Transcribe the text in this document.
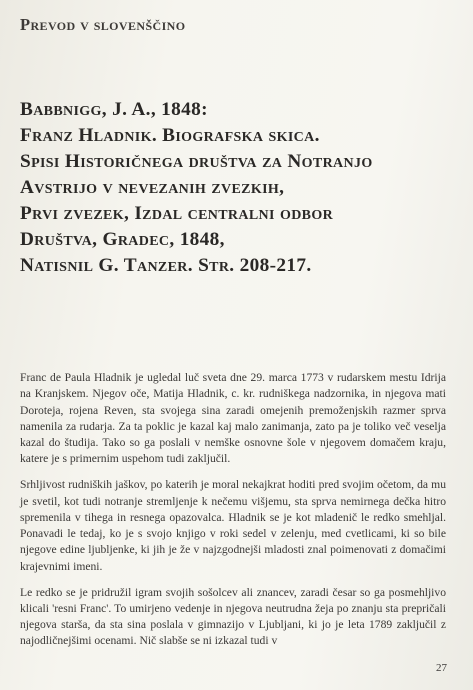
Prevod v slovenščino
Babbnigg, J. A., 1848:
Franz Hladnik. Biografska skica.
Spisi Historičnega društva za Notranjo
Avstrijo v nevezanih zvezkih,
Prvi zvezek, Izdal centralni odbor
Društva, Gradec, 1848,
Natisnil G. Tanzer. Str. 208-217.

Franc de Paula Hladnik je ugledal luč sveta dne 29. marca 1773 v rudarskem mestu Idrija na Kranjskem. Njegov oče, Matija Hladnik, c. kr. rudniškega nadzornika, in njegova mati Doroteja, rojena Reven, sta svojega sina zaradi omejenih premoženjskih razmer sprva namenila za rudarja. Za ta poklic je kazal kaj malo zanimanja, zato pa je toliko več veselja kazal do študija. Tako so ga poslali v nemške osnovne šole v njegovem domačem kraju, katere je s primernim uspehom tudi zaključil.

Srhljivost rudniških jaškov, po katerih je moral nekajkrat hoditi pred svojim očetom, da mu je svetil, kot tudi notranje stremljenje k nečemu višjemu, sta sprva nemirnega dečka hitro spremenila v tihega in resnega opazovalca. Hladnik se je kot mladenič le redko smehljal. Ponavadi le tedaj, ko je s svojo knjigo v roki sedel v zelenju, med cvetlicami, ki so bile njegove edine ljubljenke, ki jih je že v najzgodnejši mladosti znal poimenovati z domačimi krajevnimi imeni.

Le redko se je pridružil igram svojih sošolcev ali znancev, zaradi česar so ga posmehljivo klicali 'resni Franc'. To umirjeno vedenje in njegova neutrudna žeja po znanju sta prepričali njegova starša, da sta sina poslala v gimnazijo v Ljubljani, ki jo je leta 1789 zaključil z najodličnejšimi ocenami. Nič slabše se ni izkazal tudi v

27
